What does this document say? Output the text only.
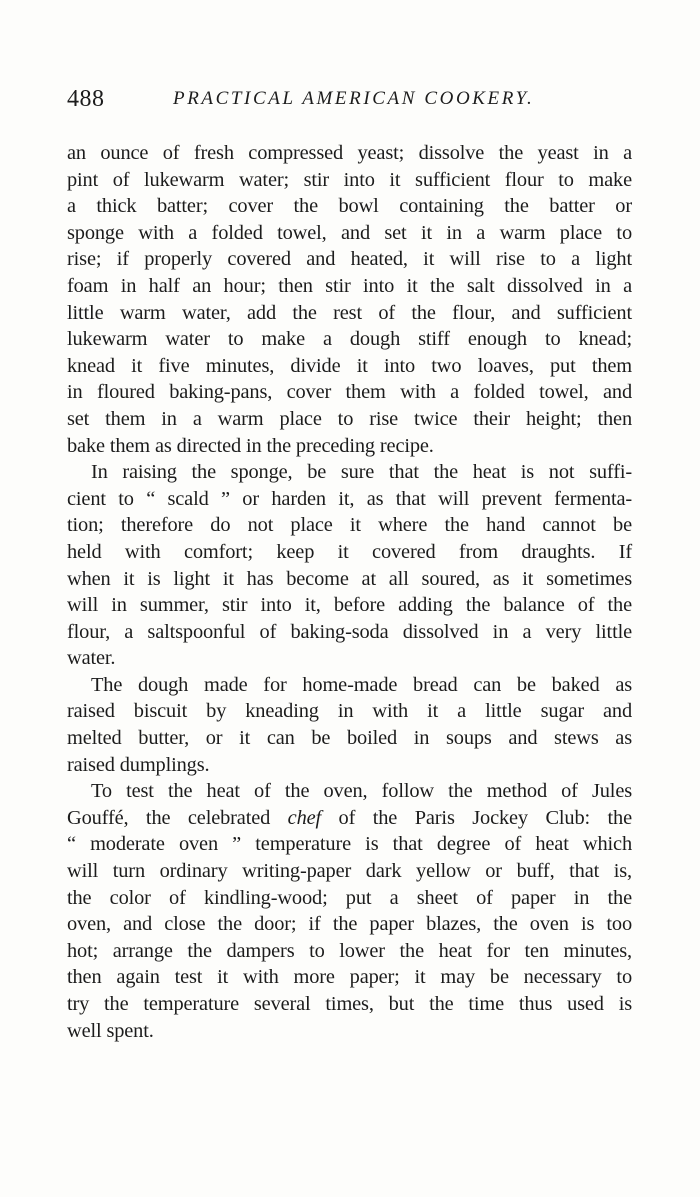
488	PRACTICAL AMERICAN COOKERY.
an ounce of fresh compressed yeast; dissolve the yeast in a
pint of lukewarm water; stir into it sufficient flour to make
a thick batter; cover the bowl containing the batter or
sponge with a folded towel, and set it in a warm place to
rise; if properly covered and heated, it will rise to a light
foam in half an hour; then stir into it the salt dissolved in a
little warm water, add the rest of the flour, and sufficient
lukewarm water to make a dough stiff enough to knead;
knead it five minutes, divide it into two loaves, put them
in floured baking-pans, cover them with a folded towel, and
set them in a warm place to rise twice their height; then
bake them as directed in the preceding recipe.
In raising the sponge, be sure that the heat is not suffi-
cient to “ scald ” or harden it, as that will prevent fermenta-
tion; therefore do not place it where the hand cannot be
held with comfort; keep it covered from draughts. If
when it is light it has become at all soured, as it sometimes
will in summer, stir into it, before adding the balance of the
flour, a saltspoonful of baking-soda dissolved in a very little
water.
The dough made for home-made bread can be baked as
raised biscuit by kneading in with it a little sugar and
melted butter, or it can be boiled in soups and stews as
raised dumplings.
To test the heat of the oven, follow the method of Jules
Gouffé, the celebrated chef of the Paris Jockey Club: the
“ moderate oven ” temperature is that degree of heat which
will turn ordinary writing-paper dark yellow or buff, that is,
the color of kindling-wood; put a sheet of paper in the
oven, and close the door; if the paper blazes, the oven is too
hot; arrange the dampers to lower the heat for ten minutes,
then again test it with more paper; it may be necessary to
try the temperature several times, but the time thus used is
well spent.
